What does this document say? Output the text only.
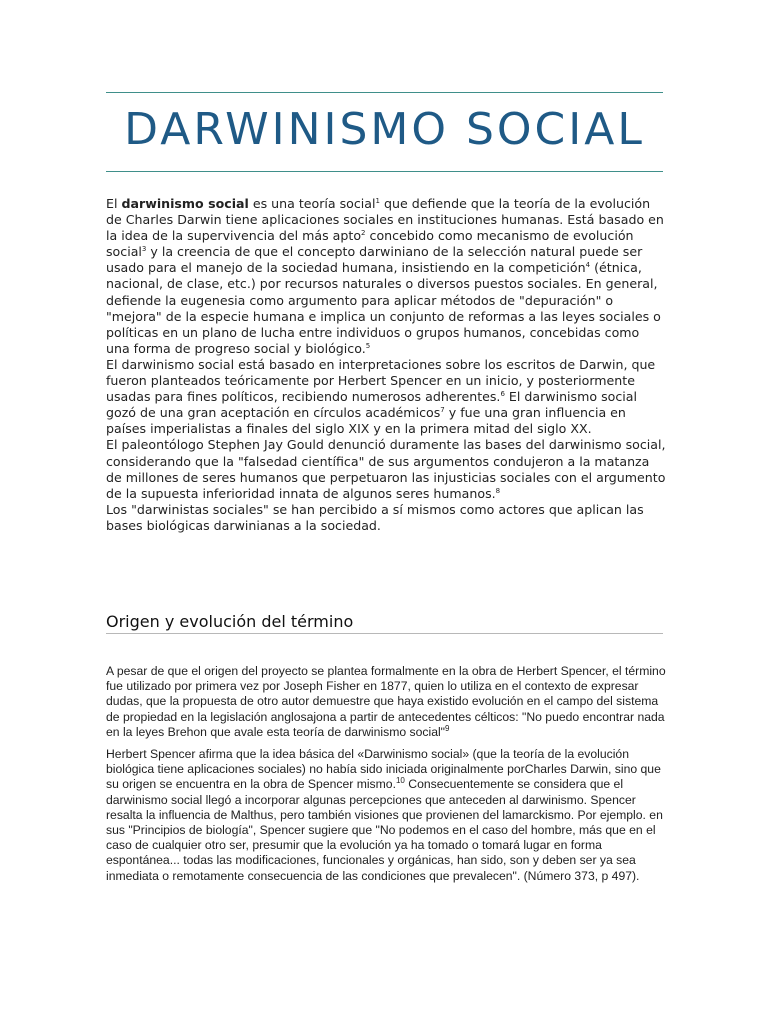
DARWINISMO SOCIAL

El darwinismo social es una teoría social$^1$ que defiende que la teoría de la evolución de Charles Darwin tiene aplicaciones sociales en instituciones humanas. Está basado en la idea de la supervivencia del más apto$^2$ concebido como mecanismo de evolución social$^3$ y la creencia de que el concepto darwiniano de la selección natural puede ser usado para el manejo de la sociedad humana, insistiendo en la competición$^4$ (étnica, nacional, de clase, etc.) por recursos naturales o diversos puestos sociales. En general, defiende la eugenesia como argumento para aplicar métodos de "depuración" o "mejora" de la especie humana e implica un conjunto de reformas a las leyes sociales o políticas en un plano de lucha entre individuos o grupos humanos, concebidas como una forma de progreso social y biológico.$^5$

El darwinismo social está basado en interpretaciones sobre los escritos de Darwin, que fueron planteados teóricamente por Herbert Spencer en un inicio, y posteriormente usadas para fines políticos, recibiendo numerosos adherentes.$^6$ El darwinismo social gozó de una gran aceptación en círculos académicos$^7$ y fue una gran influencia en países imperialistas a finales del siglo XIX y en la primera mitad del siglo XX.

El paleontólogo Stephen Jay Gould denunció duramente las bases del darwinismo social, considerando que la "falsedad científica" de sus argumentos condujeron a la matanza de millones de seres humanos que perpetuaron las injusticias sociales con el argumento de la supuesta inferioridad innata de algunos seres humanos.$^8$

Los "darwinistas sociales" se han percibido a sí mismos como actores que aplican las bases biológicas darwinianas a la sociedad.

Origen y evolución del término

A pesar de que el origen del proyecto se plantea formalmente en la obra de Herbert Spencer, el término fue utilizado por primera vez por Joseph Fisher en 1877, quien lo utiliza en el contexto de expresar dudas, que la propuesta de otro autor demuestre que haya existido evolución en el campo del sistema de propiedad en la legislación anglosajona a partir de antecedentes célticos: "No puedo encontrar nada en la leyes Brehon que avale esta teoría de darwinismo social"$^9$

Herbert Spencer afirma que la idea básica del «Darwinismo social» (que la teoría de la evolución biológica tiene aplicaciones sociales) no había sido iniciada originalmente porCharles Darwin, sino que su origen se encuentra en la obra de Spencer mismo.$^{10}$ Consecuentemente se considera que el darwinismo social llegó a incorporar algunas percepciones que anteceden al darwinismo. Spencer resalta la influencia de Malthus, pero también visiones que provienen del lamarckismo. Por ejemplo. en sus "Principios de biología", Spencer sugiere que "No podemos en el caso del hombre, más que en el caso de cualquier otro ser, presumir que la evolución ya ha tomado o tomará lugar en forma espontánea... todas las modificaciones, funcionales y orgánicas, han sido, son y deben ser ya sea inmediata o remotamente consecuencia de las condiciones que prevalecen". (Número 373, p 497).
